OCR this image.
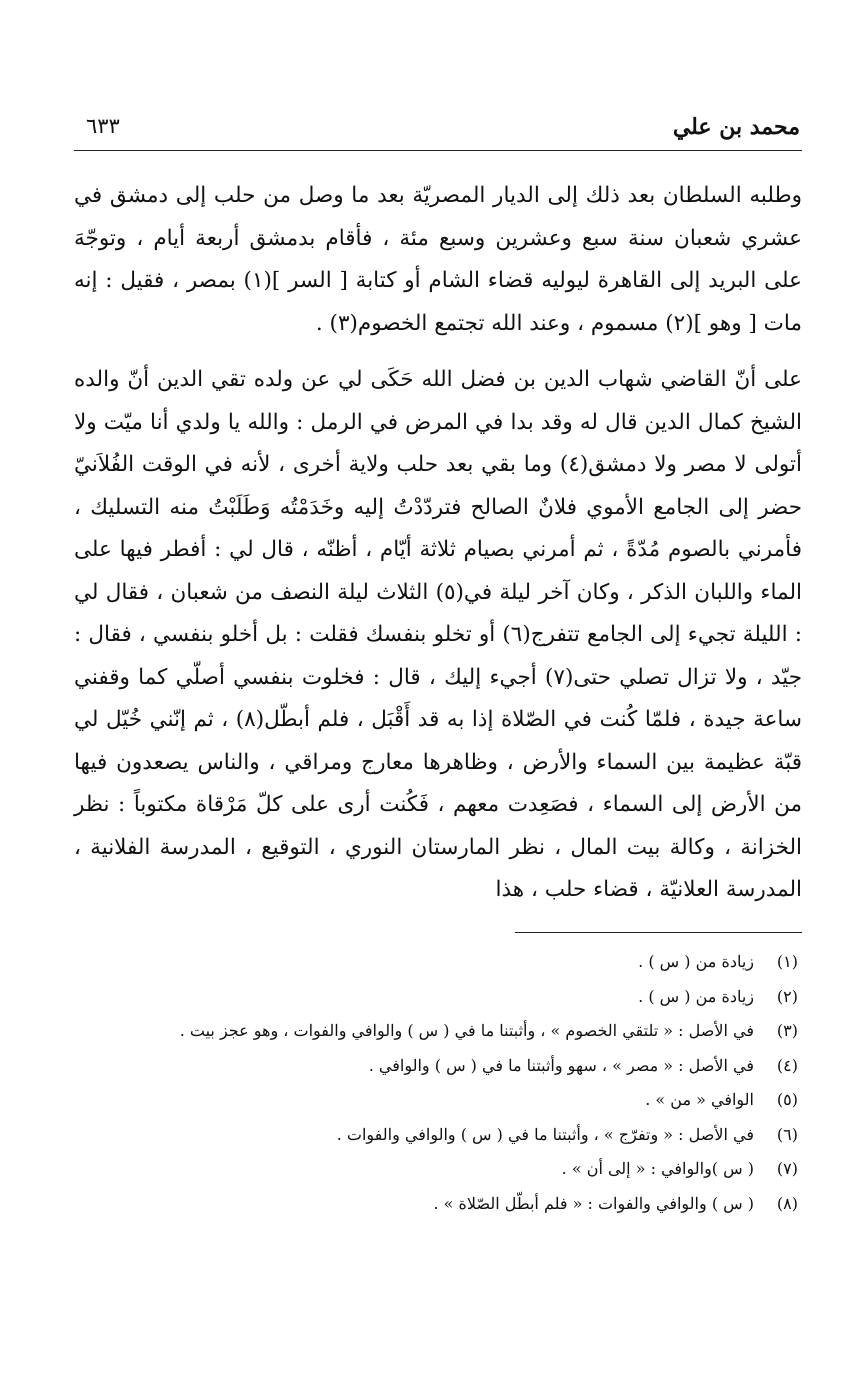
محمد بن علي
٦٣٣

وطلبه السلطان بعد ذلك إلى الديار المصريّة بعد ما وصل من حلب إلى دمشق في عشري شعبان سنة سبع وعشرين وسبع مئة ، فأقام بدمشق أربعة أيام ، وتوجّهَ على البريد إلى القاهرة ليوليه قضاء الشام أو كتابة [ السر ](١) بمصر ، فقيل : إنه مات [ وهو ](٢) مسموم ، وعند الله تجتمع الخصوم(٣) .

على أنّ القاضي شهاب الدين بن فضل الله حَكَى لي عن ولده تقي الدين أنّ والده الشيخ كمال الدين قال له وقد بدا في المرض في الرمل : والله يا ولدي أنا ميّت ولا أتولى لا مصر ولا دمشق(٤) وما بقي بعد حلب ولاية أخرى ، لأنه في الوقت الفُلاَنيّ حضر إلى الجامع الأموي فلانٌ الصالح فتردّدْتُ إليه وخَدَمْتُه وَطَلَبْتُ منه التسليك ، فأمرني بالصوم مُدّةً ، ثم أمرني بصيام ثلاثة أيّام ، أظنّه ، قال لي : أفطر فيها على الماء واللبان الذكر ، وكان آخر ليلة في(٥) الثلاث ليلة النصف من شعبان ، فقال لي : الليلة تجيء إلى الجامع تتفرج(٦) أو تخلو بنفسك فقلت : بل أخلو بنفسي ، فقال : جيّد ، ولا تزال تصلي حتى(٧) أجيء إليك ، قال : فخلوت بنفسي أصلّي كما وقفني ساعة جيدة ، فلمّا كُنت في الصّلاة إذا به قد أَقْبَل ، فلم أبطّل(٨) ، ثم إنّني خُيّل لي قبّة عظيمة بين السماء والأرض ، وظاهرها معارج ومراقي ، والناس يصعدون فيها من الأرض إلى السماء ، فصَعِدت معهم ، فَكُنت أرى على كلّ مَرْقاة مكتوباً : نظر الخزانة ، وكالة بيت المال ، نظر المارستان النوري ، التوقيع ، المدرسة الفلانية ، المدرسة العلانيّة ، قضاء حلب ، هذا

(١)
زيادة من ( س ) .
(٢)
زيادة من ( س ) .
(٣)
في الأصل : « تلتقي الخصوم » ، وأثبتنا ما في ( س ) والوافي والفوات ، وهو عجز بيت .
(٤)
في الأصل : « مصر » ، سهو وأثبتنا ما في ( س ) والوافي .
(٥)
الوافي « من » .
(٦)
في الأصل : « وتفرّج » ، وأثبتنا ما في ( س ) والوافي والفوات .
(٧)
( س )والوافي : « إلى أن » .
(٨)
( س ) والوافي والفوات : « فلم أبطّل الصّلاة » .
